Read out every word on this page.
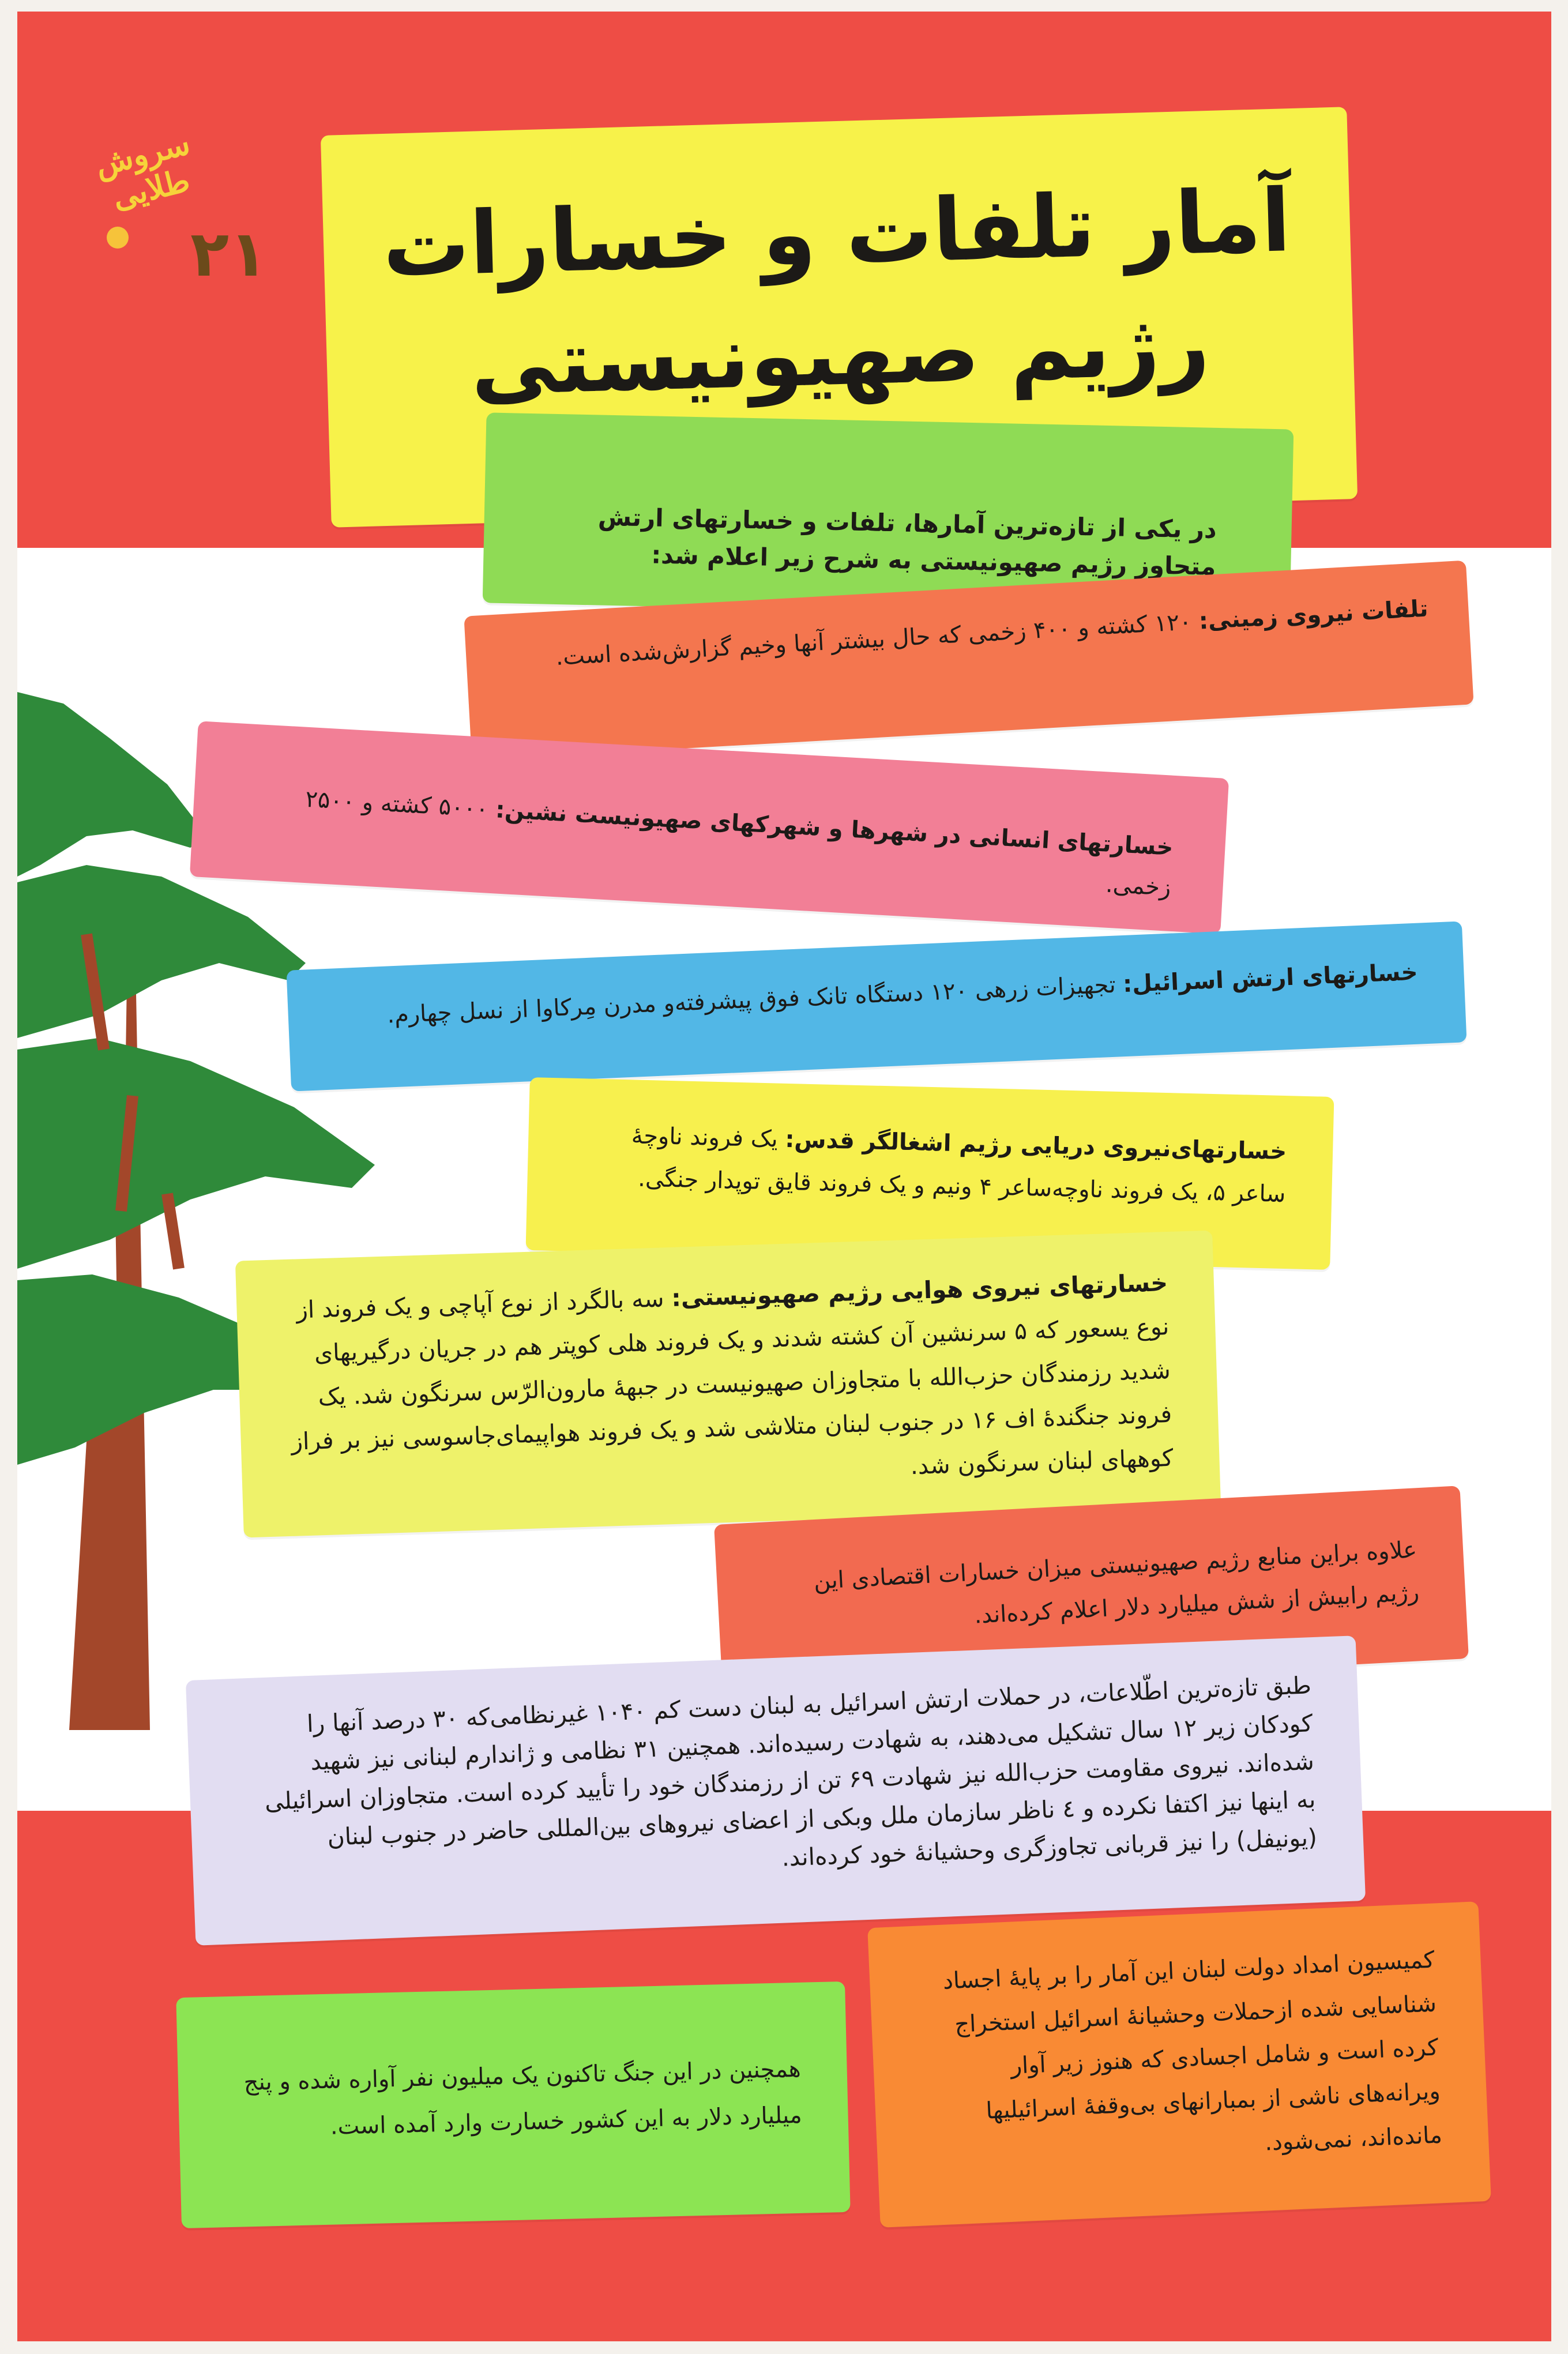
سروش طلایی
۲۱ آمار تلفات و خسارات رژیم صهیونیستی
در یکی از تازه‌ترین آمارها، تلفات و خسارتهای ارتش متجاوز رژیم صهیونیستی به شرح زیر اعلام شد:
تلفات نیروی زمینی: ۱۲۰ کشته و ۴۰۰ زخمی که حال بیشتر آنها وخیم گزارش‌شده است.
خسارتهای انسانی در شهرها و شهرکهای صهیونیست نشین: ۵۰۰۰ کشته و ۲۵۰۰ زخمی.
خسارتهای ارتش اسرائیل: تجهیزات زرهی ۱۲۰ دستگاه تانک فوق پیشرفته‌و مدرن مِرکاوا از نسل چهارم.
خسارتهای‌نیروی دریایی رژیم اشغالگر قدس: یک فروند ناوچهٔ ساعر ۵، یک فروند ناوچه‌ساعر ۴ ونیم و یک فروند قایق توپدار جنگی.
خسارتهای نیروی هوایی رژیم صهیونیستی: سه بالگرد از نوع آپاچی و یک فروند از نوع یسعور که ۵ سرنشین آن کشته شدند و یک فروند هلی کوپتر هم در جریان درگیریهای شدید رزمندگان حزب‌الله با متجاوزان صهیونیست در جبههٔ مارون‌الرّس سرنگون شد. یک فروند جنگندهٔ اف ۱۶ در جنوب لبنان متلاشی شد و یک فروند هواپیمای‌جاسوسی نیز بر فراز کوههای لبنان سرنگون شد.
علاوه براین منابع رژیم صهیونیستی میزان خسارات اقتصادی این رژیم رابیش از شش میلیارد دلار اعلام کرده‌اند.
طبق تازه‌ترین اطّلاعات، در حملات ارتش اسرائیل به لبنان دست کم ۱۰۴۰ غیرنظامی‌که ۳۰ درصد آنها را کودکان زیر ۱۲ سال تشکیل می‌دهند، به شهادت رسیده‌اند. همچنین ۳۱ نظامی و ژاندارم لبنانی نیز شهید شده‌اند. نیروی مقاومت حزب‌الله نیز شهادت ۶۹ تن از رزمندگان خود را تأیید کرده است. متجاوزان اسرائیلی به اینها نیز اکتفا نکرده و ٤ ناظر سازمان ملل وبکی از اعضای نیروهای بین‌المللی حاضر در جنوب لبنان (یونیفل) را نیز قربانی تجاوزگری وحشیانهٔ خود کرده‌اند.
کمیسیون امداد دولت لبنان این آمار را بر پایهٔ اجساد شناسایی شده ازحملات وحشیانهٔ اسرائیل استخراج کرده است و شامل اجسادی که هنوز زیر آوار ویرانه‌های ناشی از بمبارانهای بی‌وقفهٔ اسرائیلیها مانده‌اند، نمی‌شود.
همچنین در این جنگ تاکنون یک میلیون نفر آواره شده و پنج میلیارد دلار به این کشور خسارت وارد آمده است.
